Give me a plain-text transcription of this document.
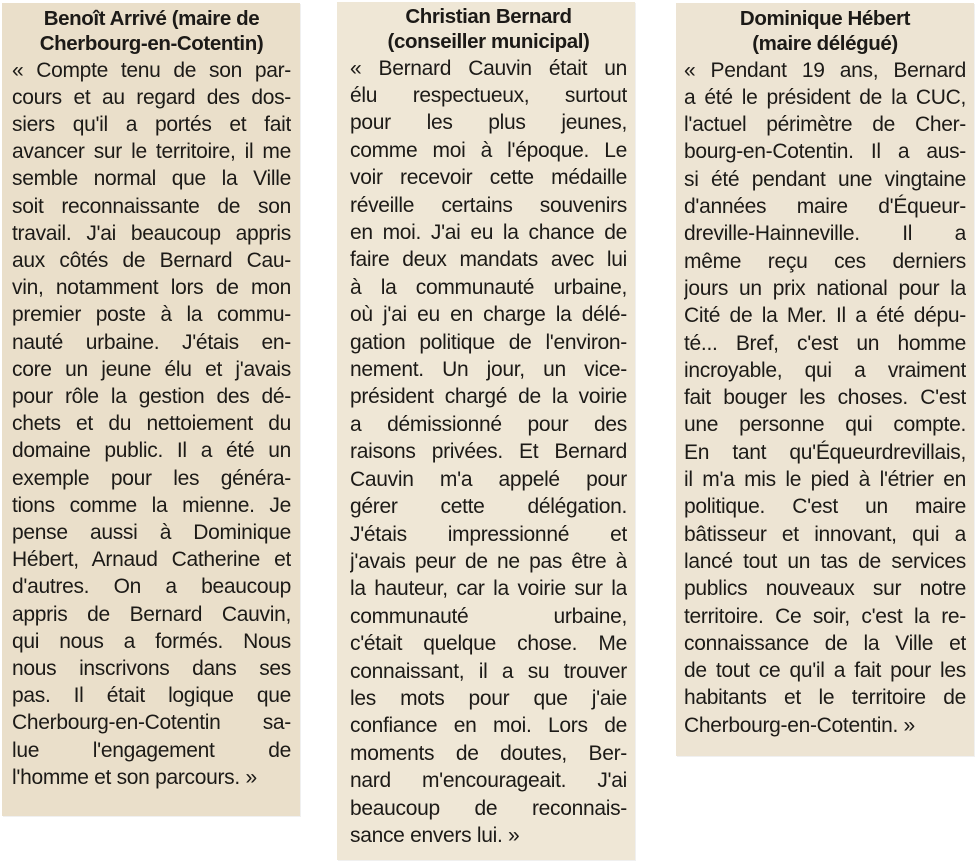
Benoît Arrivé (maire de
Cherbourg-en-Cotentin)
« Compte tenu de son par-
cours et au regard des dos-
siers qu'il a portés et fait
avancer sur le territoire, il me
semble normal que la Ville
soit reconnaissante de son
travail. J'ai beaucoup appris
aux côtés de Bernard Cau-
vin, notamment lors de mon
premier poste à la commu-
nauté urbaine. J'étais en-
core un jeune élu et j'avais
pour rôle la gestion des dé-
chets et du nettoiement du
domaine public. Il a été un
exemple pour les généra-
tions comme la mienne. Je
pense aussi à Dominique
Hébert, Arnaud Catherine et
d'autres. On a beaucoup
appris de Bernard Cauvin,
qui nous a formés. Nous
nous inscrivons dans ses
pas. Il était logique que
Cherbourg-en-Cotentin sa-
lue l'engagement de
l'homme et son parcours. »
Christian Bernard
(conseiller municipal)
« Bernard Cauvin était un
élu respectueux, surtout
pour les plus jeunes,
comme moi à l'époque. Le
voir recevoir cette médaille
réveille certains souvenirs
en moi. J'ai eu la chance de
faire deux mandats avec lui
à la communauté urbaine,
où j'ai eu en charge la délé-
gation politique de l'environ-
nement. Un jour, un vice-
président chargé de la voirie
a démissionné pour des
raisons privées. Et Bernard
Cauvin m'a appelé pour
gérer cette délégation.
J'étais impressionné et
j'avais peur de ne pas être à
la hauteur, car la voirie sur la
communauté urbaine,
c'était quelque chose. Me
connaissant, il a su trouver
les mots pour que j'aie
confiance en moi. Lors de
moments de doutes, Ber-
nard m'encourageait. J'ai
beaucoup de reconnais-
sance envers lui. »
Dominique Hébert
(maire délégué)
« Pendant 19 ans, Bernard
a été le président de la CUC,
l'actuel périmètre de Cher-
bourg-en-Cotentin. Il a aus-
si été pendant une vingtaine
d'années maire d'Équeur-
dreville-Hainneville. Il a
même reçu ces derniers
jours un prix national pour la
Cité de la Mer. Il a été dépu-
té... Bref, c'est un homme
incroyable, qui a vraiment
fait bouger les choses. C'est
une personne qui compte.
En tant qu'Équeurdrevillais,
il m'a mis le pied à l'étrier en
politique. C'est un maire
bâtisseur et innovant, qui a
lancé tout un tas de services
publics nouveaux sur notre
territoire. Ce soir, c'est la re-
connaissance de la Ville et
de tout ce qu'il a fait pour les
habitants et le territoire de
Cherbourg-en-Cotentin. »
